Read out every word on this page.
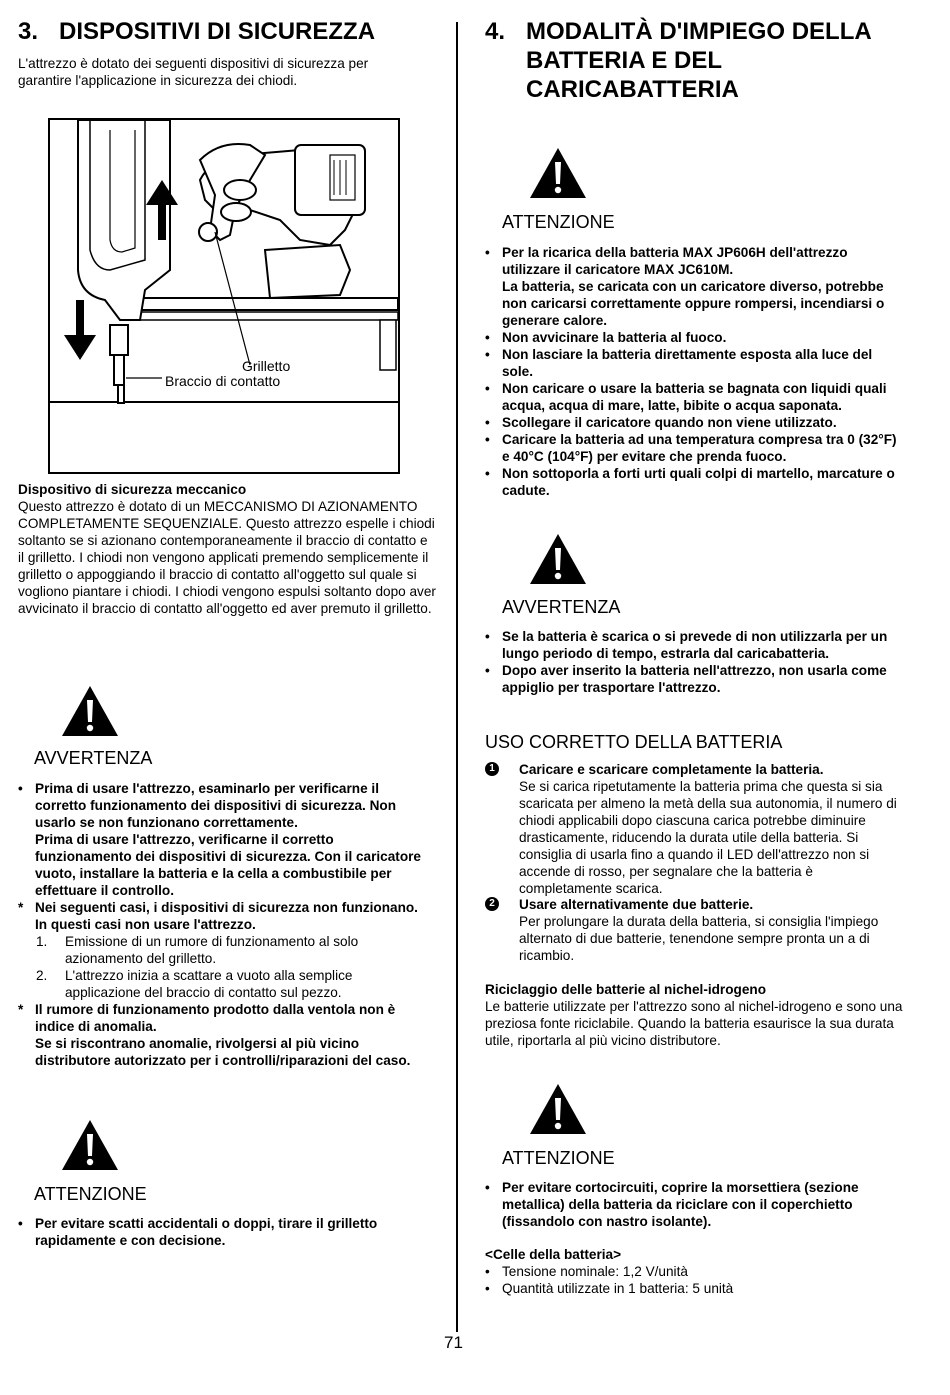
71
3. DISPOSITIVI DI SICUREZZA

L'attrezzo è dotato dei seguenti dispositivi di sicurezza per garantire l'applicazione in sicurezza dei chiodi.

Grilletto
Braccio di contatto

Dispositivo di sicurezza meccanico

Questo attrezzo è dotato di un MECCANISMO DI AZIONAMENTO COMPLETAMENTE SEQUENZIALE. Questo attrezzo espelle i chiodi soltanto se si azionano contemporaneamente il braccio di contatto e il grilletto. I chiodi non vengono applicati premendo semplicemente il grilletto o appoggiando il braccio di contatto all'oggetto sul quale si vogliono piantare i chiodi. I chiodi vengono espulsi soltanto dopo aver avvicinato il braccio di contatto all'oggetto ed aver premuto il grilletto.

AVVERTENZA
• Prima di usare l'attrezzo, esaminarlo per verificarne il corretto funzionamento dei dispositivi di sicurezza. Non usarlo se non funzionano correttamente.
Prima di usare l'attrezzo, verificarne il corretto funzionamento dei dispositivi di sicurezza. Con il caricatore vuoto, installare la batteria e la cella a combustibile per effettuare il controllo.
* Nei seguenti casi, i dispositivi di sicurezza non funzionano. In questi casi non usare l'attrezzo.
1. Emissione di un rumore di funzionamento al solo azionamento del grilletto.
2. L'attrezzo inizia a scattare a vuoto alla semplice applicazione del braccio di contatto sul pezzo.
* Il rumore di funzionamento prodotto dalla ventola non è indice di anomalia.
Se si riscontrano anomalie, rivolgersi al più vicino distributore autorizzato per i controlli/riparazioni del caso.
ATTENZIONE
• Per evitare scatti accidentali o doppi, tirare il grilletto rapidamente e con decisione.
4. MODALITÀ D'IMPIEGO DELLA
BATTERIA E DEL
CARICABATTERIA
ATTENZIONE
• Per la ricarica della batteria MAX JP606H dell'attrezzo utilizzare il caricatore MAX JC610M.
La batteria, se caricata con un caricatore diverso, potrebbe non caricarsi correttamente oppure rompersi, incendiarsi o generare calore.
• Non avvicinare la batteria al fuoco.
• Non lasciare la batteria direttamente esposta alla luce del sole.
• Non caricare o usare la batteria se bagnata con liquidi quali acqua, acqua di mare, latte, bibite o acqua saponata.
• Scollegare il caricatore quando non viene utilizzato.
• Caricare la batteria ad una temperatura compresa tra 0 (32°F) e 40°C (104°F) per evitare che prenda fuoco.
• Non sottoporla a forti urti quali colpi di martello, marcature o cadute.
AVVERTENZA
• Se la batteria è scarica o si prevede di non utilizzarla per un lungo periodo di tempo, estrarla dal caricabatteria.
• Dopo aver inserito la batteria nell'attrezzo, non usarla come appiglio per trasportare l'attrezzo.
USO CORRETTO DELLA BATTERIA
1	Caricare e scaricare completamente la batteria.
Se si carica ripetutamente la batteria prima che questa si sia scaricata per almeno la metà della sua autonomia, il numero di chiodi applicabili dopo ciascuna carica potrebbe diminuire drasticamente, riducendo la durata utile della batteria. Si consiglia di usarla fino a quando il LED dell'attrezzo non si accende di rosso, per segnalare che la batteria è completamente scarica.
2	Usare alternativamente due batterie.
Per prolungare la durata della batteria, si consiglia l'impiego alternato di due batterie, tenendone sempre pronta un a di ricambio.

Riciclaggio delle batterie al nichel-idrogeno

Le batterie utilizzate per l'attrezzo sono al nichel-idrogeno e sono una preziosa fonte riciclabile. Quando la batteria esaurisce la sua durata utile, riportarla al più vicino distributore.

ATTENZIONE
• Per evitare cortocircuiti, coprire la morsettiera (sezione metallica) della batteria da riciclare con il coperchietto (fissandolo con nastro isolante).

<Celle della batteria>

• Tensione nominale: 1,2 V/unità
• Quantità utilizzate in 1 batteria: 5 unità
